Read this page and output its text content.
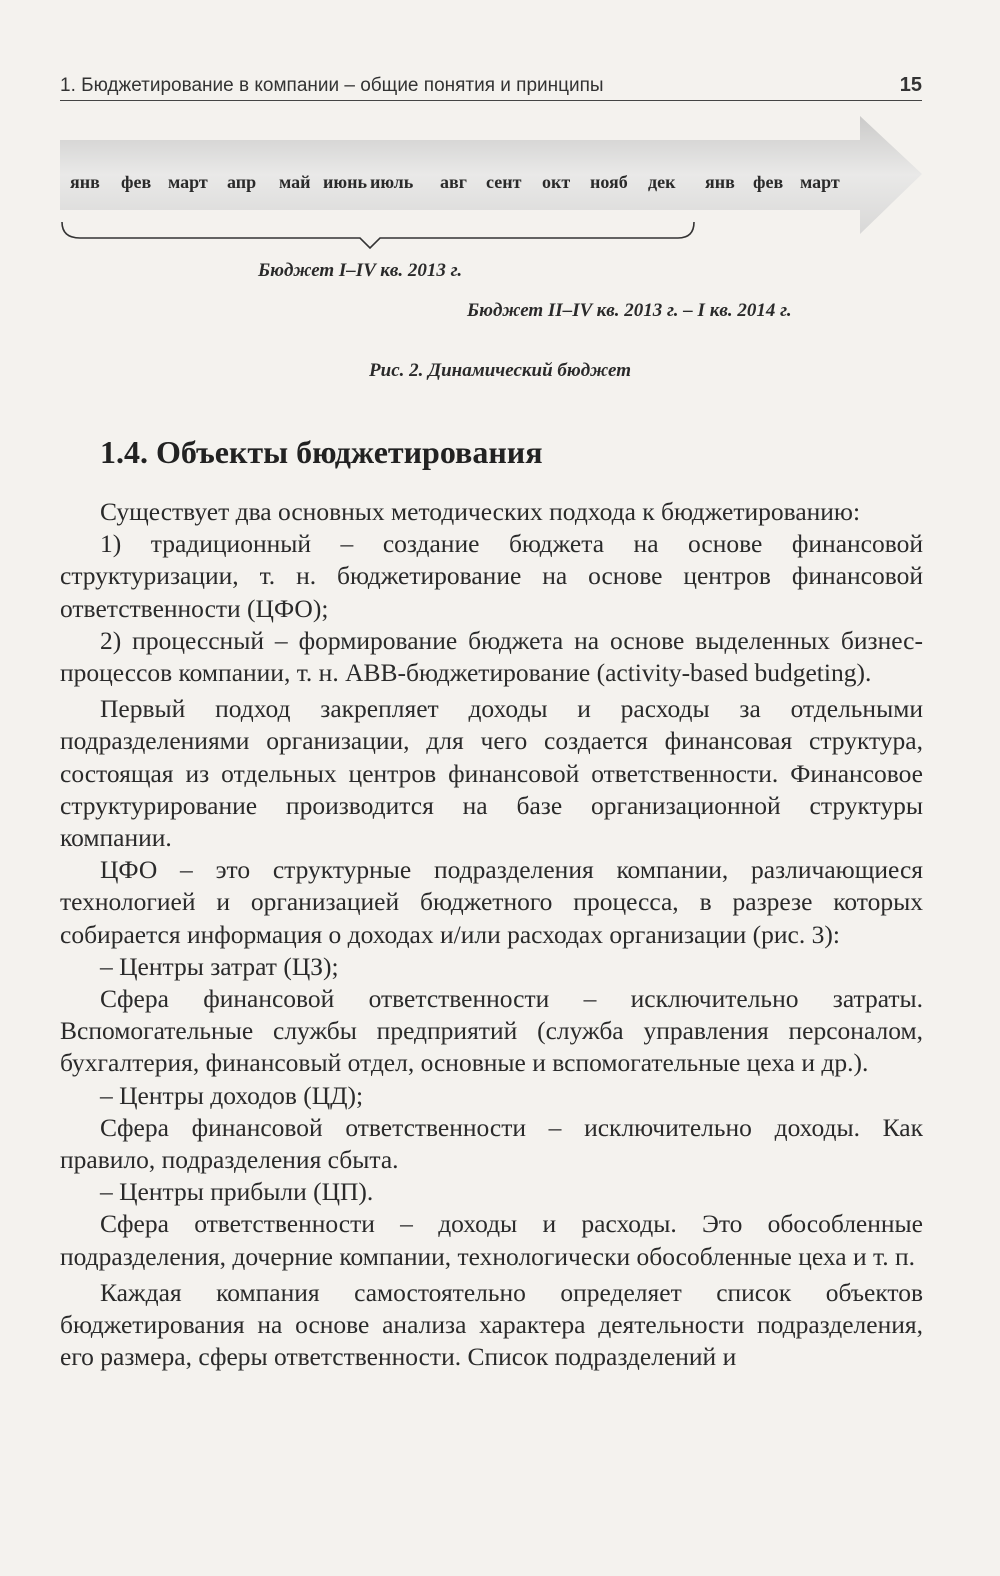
1. Бюджетирование в компании – общие понятия и принципы	15
янв фев март апр май июнь июль авг сент окт нояб дек янв фев март
Бюджет I–IV кв. 2013 г.
Бюджет II–IV кв. 2013 г. – I кв. 2014 г.
Рис. 2. Динамический бюджет
1.4. Объекты бюджетирования

Существует два основных методических подхода к бюджетированию:

1) традиционный – создание бюджета на основе финансовой структуризации, т. н. бюджетирование на основе центров финансовой ответственности (ЦФО);

2) процессный – формирование бюджета на основе выделенных бизнес-процессов компании, т. н. ABB-бюджетирование (activity-based budgeting).

Первый подход закрепляет доходы и расходы за отдельными подразделениями организации, для чего создается финансовая структура, состоящая из отдельных центров финансовой ответственности. Финансовое структурирование производится на базе организационной структуры компании.

ЦФО – это структурные подразделения компании, различающиеся технологией и организацией бюджетного процесса, в разрезе которых собирается информация о доходах и/или расходах организации (рис. 3):

– Центры затрат (ЦЗ);

Сфера финансовой ответственности – исключительно затраты. Вспомогательные службы предприятий (служба управления персоналом, бухгалтерия, финансовый отдел, основные и вспомогательные цеха и др.).

– Центры доходов (ЦД);

Сфера финансовой ответственности – исключительно доходы. Как правило, подразделения сбыта.

– Центры прибыли (ЦП).

Сфера ответственности – доходы и расходы. Это обособленные подразделения, дочерние компании, технологически обособленные цеха и т. п.

Каждая компания самостоятельно определяет список объектов бюджетирования на основе анализа характера деятельности подразделения, его размера, сферы ответственности. Список подразделений и
